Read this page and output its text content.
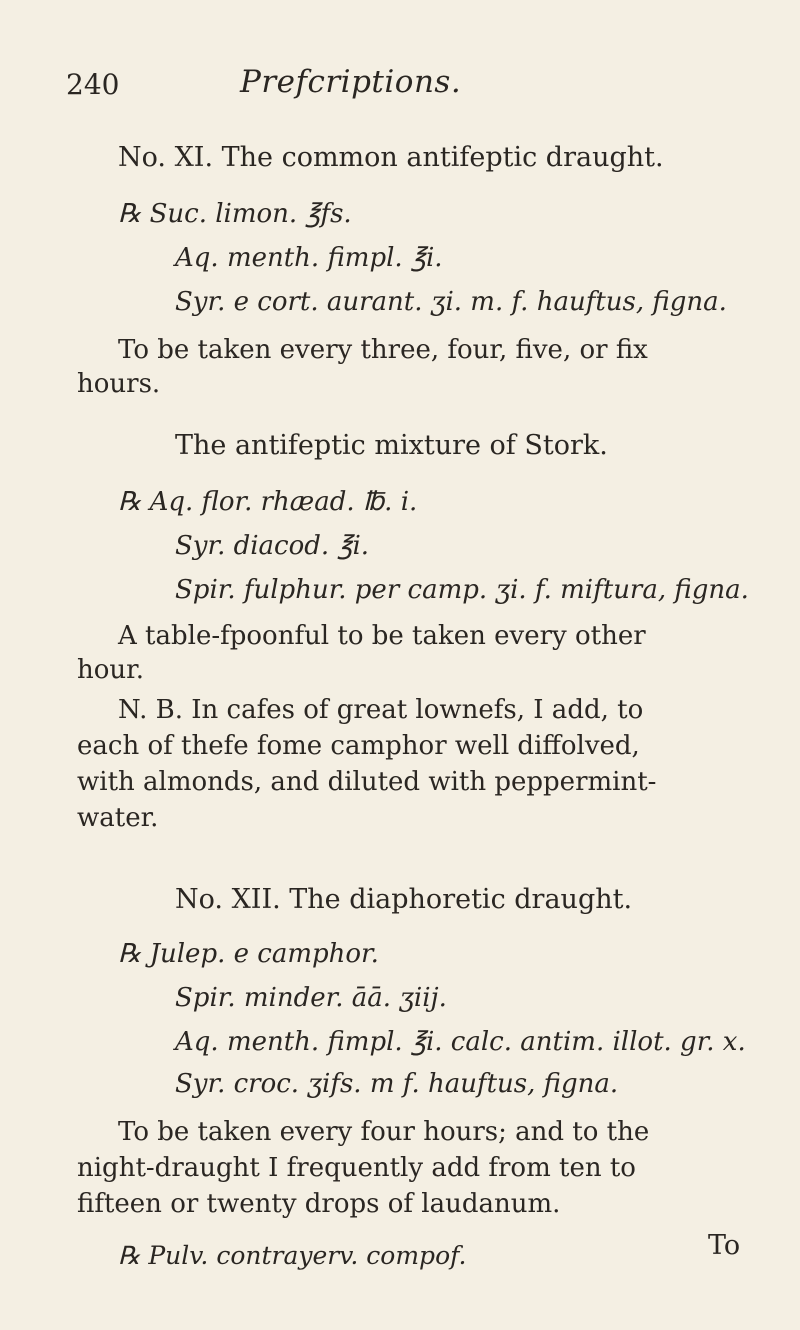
240	Prefcriptions.
No. XI. The common antifeptic draught.
℞ Suc. limon. ℥fs.
Aq. menth. fimpl. ℥i.
Syr. e cort. aurant. ʒi. m. f. hauftus, figna.
To be taken every three, four, five, or fix
hours.
The antifeptic mixture of Stork.
℞ Aq. flor. rhæad. ℔. i.
Syr. diacod. ℥i.
Spir. fulphur. per camp. ʒi. f. miftura, figna.
A table-fpoonful to be taken every other
hour.
N. B. In cafes of great lownefs, I add, to
each of thefe fome camphor well diffolved,
with almonds, and diluted with peppermint-
water.
No. XII. The diaphoretic draught.
℞ Julep. e camphor.
Spir. minder. āā. ʒiij.
Aq. menth. fimpl. ℥i. calc. antim. illot. gr. x.
Syr. croc. ʒifs. m f. hauftus, figna.
To be taken every four hours; and to the
night-draught I frequently add from ten to
fifteen or twenty drops of laudanum.
℞ Pulv. contrayerv. compof.	To
